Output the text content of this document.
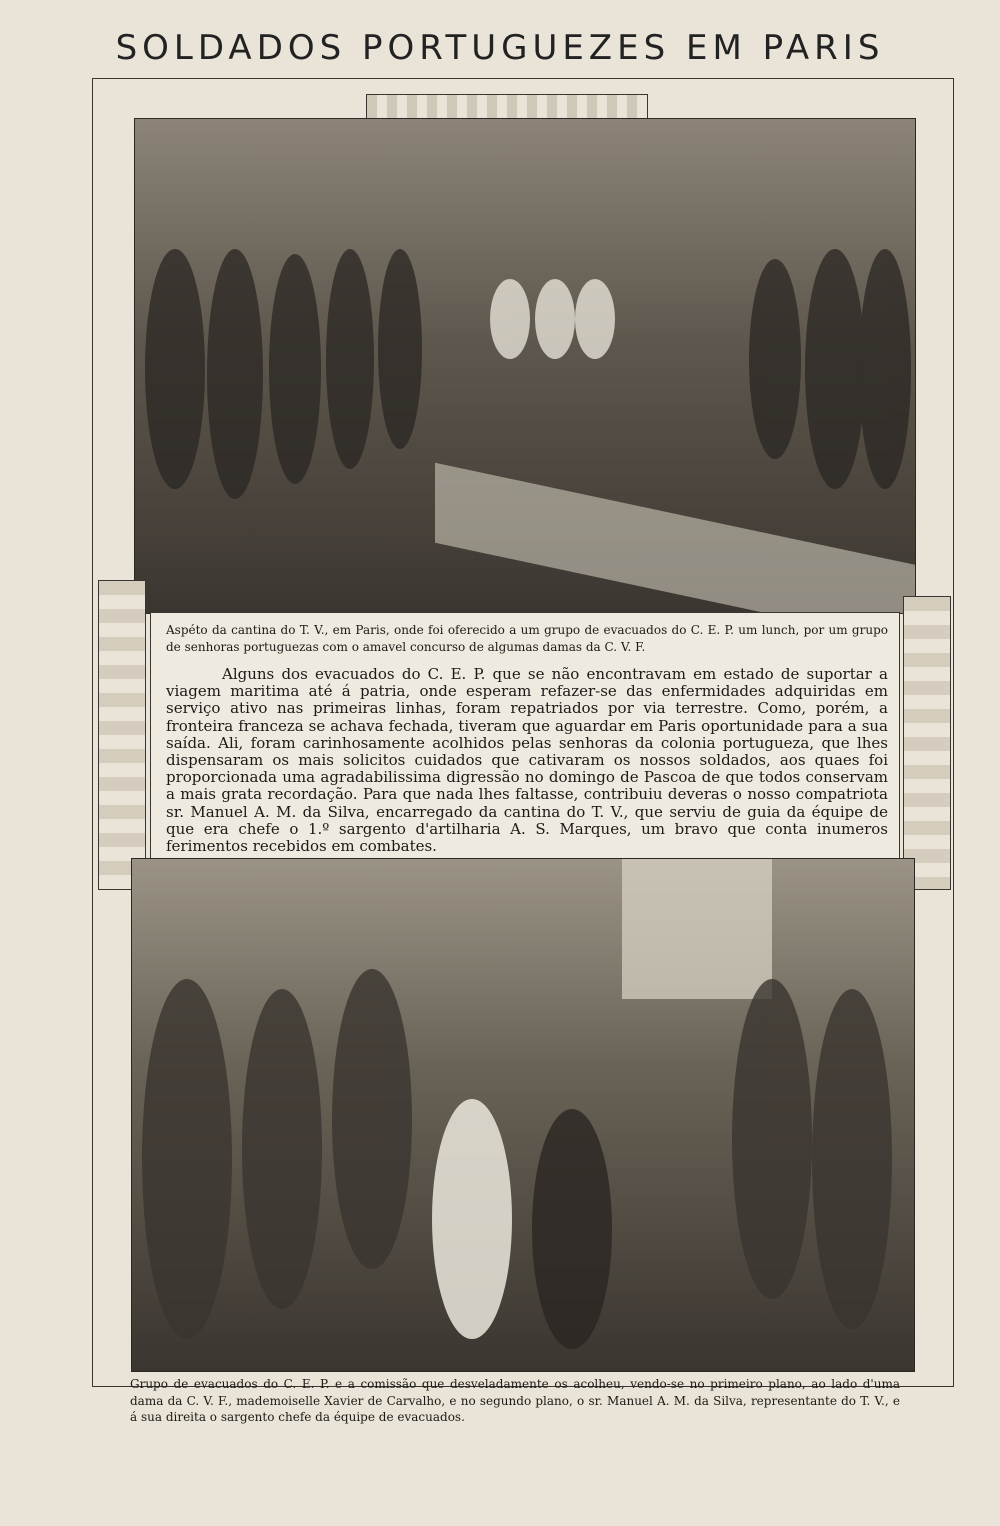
SOLDADOS PORTUGUEZES EM PARIS
Aspéto da cantina do T. V., em Paris, onde foi oferecido a um grupo de evacuados do C. E. P. um lunch, por um grupo de senhoras portuguezas com o amavel concurso de algumas damas da C. V. F.

Alguns dos evacuados do C. E. P. que se não encontravam em estado de suportar a viagem maritima até á patria, onde esperam refazer-se das enfermidades adquiridas em serviço ativo nas primeiras linhas, foram repatriados por via terrestre. Como, porém, a fronteira franceza se achava fechada, tiveram que aguardar em Paris oportunidade para a sua saída. Ali, foram carinhosamente acolhidos pelas senhoras da colonia portugueza, que lhes dispensaram os mais solicitos cuidados que cativaram os nossos soldados, aos quaes foi proporcionada uma agradabilissima digressão no domingo de Pascoa de que todos conservam a mais grata recordação. Para que nada lhes faltasse, contribuiu deveras o nosso compatriota sr. Manuel A. M. da Silva, encarregado da cantina do T. V., que serviu de guia da équipe de que era chefe o 1.º sargento d'artilharia A. S. Marques, um bravo que conta inumeros ferimentos recebidos em combates.

Grupo de evacuados do C. E. P. e a comissão que desveladamente os acolheu, vendo-se no primeiro plano, ao lado d'uma dama da C. V. F., mademoiselle Xavier de Carvalho, e no segundo plano, o sr. Manuel A. M. da Silva, representante do T. V., e á sua direita o sargento chefe da équipe de evacuados.
